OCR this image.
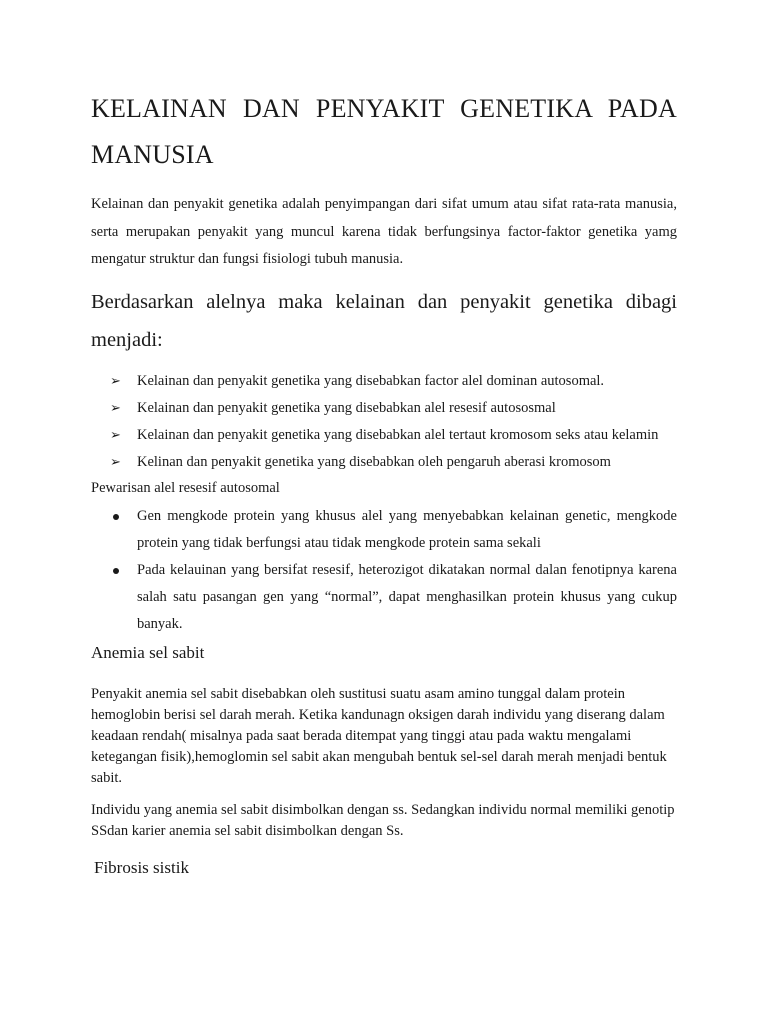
KELAINAN DAN PENYAKIT GENETIKA PADA MANUSIA

Kelainan dan penyakit genetika adalah penyimpangan dari sifat umum atau sifat rata-rata manusia, serta merupakan penyakit yang muncul karena tidak berfungsinya factor-faktor genetika yamg mengatur struktur dan fungsi fisiologi tubuh manusia.

Berdasarkan alelnya maka kelainan dan penyakit genetika dibagi menjadi:

➢ Kelainan dan penyakit genetika yang disebabkan factor alel dominan autosomal.
➢ Kelainan dan penyakit genetika yang disebabkan alel resesif autososmal
➢ Kelainan dan penyakit genetika yang disebabkan alel tertaut kromosom seks atau kelamin
➢ Kelinan dan penyakit genetika yang disebabkan oleh pengaruh aberasi kromosom

Pewarisan alel resesif autosomal

Gen mengkode protein yang khusus alel yang menyebabkan kelainan genetic, mengkode protein yang tidak berfungsi atau tidak mengkode protein sama sekali
Pada kelauinan yang bersifat resesif, heterozigot dikatakan normal dalan fenotipnya karena salah satu pasangan gen yang “normal”, dapat menghasilkan protein khusus yang cukup banyak.
Anemia sel sabit

Penyakit anemia sel sabit disebabkan oleh sustitusi suatu asam amino tunggal dalam protein hemoglobin berisi sel darah merah. Ketika kandunagn oksigen darah individu yang diserang dalam keadaan rendah( misalnya pada saat berada ditempat yang tinggi atau pada waktu mengalami ketegangan fisik),hemoglomin sel sabit akan mengubah bentuk sel-sel darah merah menjadi bentuk sabit.

Individu yang anemia sel sabit disimbolkan dengan ss. Sedangkan individu normal memiliki genotip SSdan karier anemia sel sabit disimbolkan dengan Ss.

Fibrosis sistik
